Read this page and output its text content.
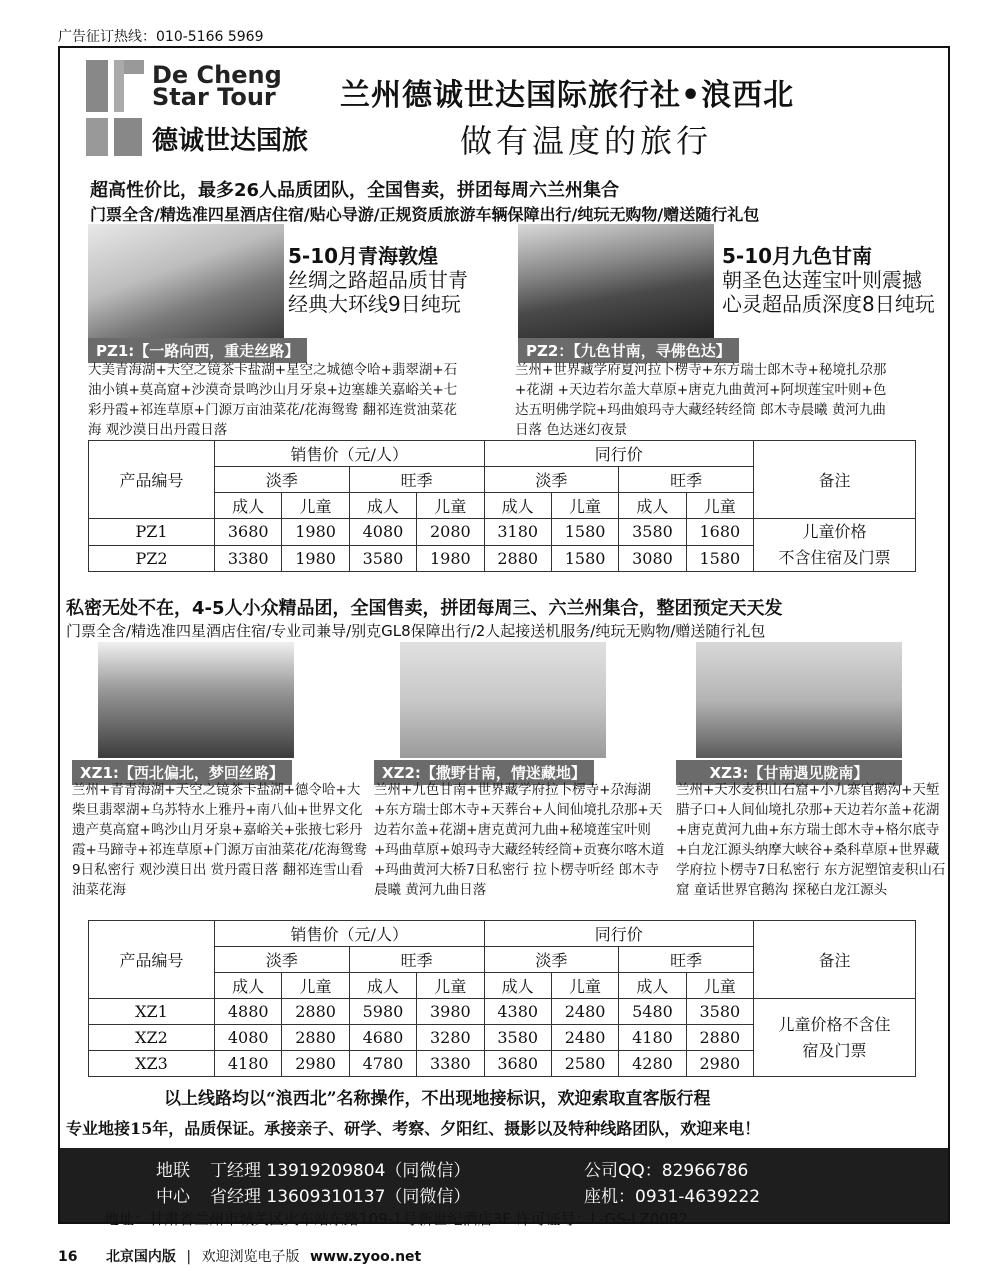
广告征订热线：010-5166 5969
De Cheng
Star Tour
德诚世达国旅
兰州德诚世达国际旅行社•浪西北
做有温度的旅行
超高性价比，最多26人品质团队，全国售卖，拼团每周六兰州集合
门票全含/精选准四星酒店住宿/贴心导游/正规资质旅游车辆保障出行/纯玩无购物/赠送随行礼包
5-10月青海敦煌
丝绸之路超品质甘青
经典大环线9日纯玩
PZ1:【一路向西，重走丝路】
大美青海湖+天空之镜茶卡盐湖+星空之城德令哈+翡翠湖+石油小镇+莫高窟+沙漠奇景鸣沙山月牙泉+边塞雄关嘉峪关+七彩丹霞+祁连草原+门源万亩油菜花/花海鸳鸯 翻祁连赏油菜花海 观沙漠日出丹霞日落
5-10月九色甘南
朝圣色达莲宝叶则震撼
心灵超品质深度8日纯玩
PZ2：【九色甘南，寻佛色达】
兰州+世界藏学府夏河拉卜楞寺+东方瑞士郎木寺+秘境扎尕那+花湖 +天边若尔盖大草原+唐克九曲黄河+阿坝莲宝叶则+色达五明佛学院+玛曲娘玛寺大藏经转经筒 郎木寺晨曦 黄河九曲日落 色达迷幻夜景
产品编号	销售价（元/人）				同行价				备注
	淡季		旺季		淡季		旺季		
	成人	儿童	成人	儿童	成人	儿童	成人	儿童	
PZ1	3680	1980	4080	2080	3180	1580	3580	1680	儿童价格
不含住宿及门票

PZ2	3380	1980	3580	1980	2880	1580	3080	1580	
私密无处不在，4-5人小众精品团，全国售卖，拼团每周三、六兰州集合，整团预定天天发
门票全含/精选准四星酒店住宿/专业司兼导/别克GL8保障出行/2人起接送机服务/纯玩无购物/赠送随行礼包
XZ1:【西北偏北，梦回丝路】
兰州+青青海湖+天空之镜茶卡盐湖+德令哈+大柴旦翡翠湖+乌苏特水上雅丹+南八仙+世界文化遗产莫高窟+鸣沙山月牙泉+嘉峪关+张掖七彩丹霞+马蹄寺+祁连草原+门源万亩油菜花/花海鸳鸯9日私密行 观沙漠日出 赏丹霞日落 翻祁连雪山看油菜花海
XZ2:【撒野甘南，情迷藏地】
兰州+九色甘南+世界藏学府拉卜楞寺+尕海湖+东方瑞士郎木寺+天葬台+人间仙境扎尕那+天边若尔盖+花湖+唐克黄河九曲+秘境莲宝叶则+玛曲草原+娘玛寺大藏经转经筒+贡赛尔喀木道+玛曲黄河大桥7日私密行 拉卜楞寺听经 郎木寺晨曦 黄河九曲日落
XZ3:【甘南遇见陇南】
兰州+天水麦积山石窟+小九寨官鹅沟+天堑腊子口+人间仙境扎尕那+天边若尔盖+花湖+唐克黄河九曲+东方瑞士郎木寺+格尔底寺+白龙江源头纳摩大峡谷+桑科草原+世界藏学府拉卜楞寺7日私密行 东方泥塑馆麦积山石窟 童话世界官鹅沟 探秘白龙江源头
产品编号	销售价（元/人）				同行价				备注
	淡季		旺季		淡季		旺季		
	成人	儿童	成人	儿童	成人	儿童	成人	儿童	
XZ1	4880	2880	5980	3980	4380	2480	5480	3580	儿童价格不含住
宿及门票

XZ2	4080	2880	4680	3280	3580	2480	4180	2880	
XZ3	4180	2980	4780	3380	3680	2580	4280	2980	
以上线路均以“浪西北”名称操作，不出现地接标识，欢迎索取直客版行程
专业地接15年，品质保证。承接亲子、研学、考察、夕阳红、摄影以及特种线路团队，欢迎来电！
地联
中心
丁经理 13919209804（同微信）
省经理 13609310137（同微信）
公司QQ：82966786
座机：0931-4639222
地址：甘肃省兰州市城关区火车站东路109-1号新世纪酒店3F 许可证号：L-GS-LZ0082
16 北京国内版 | 欢迎浏览电子版 www.zyoo.net
